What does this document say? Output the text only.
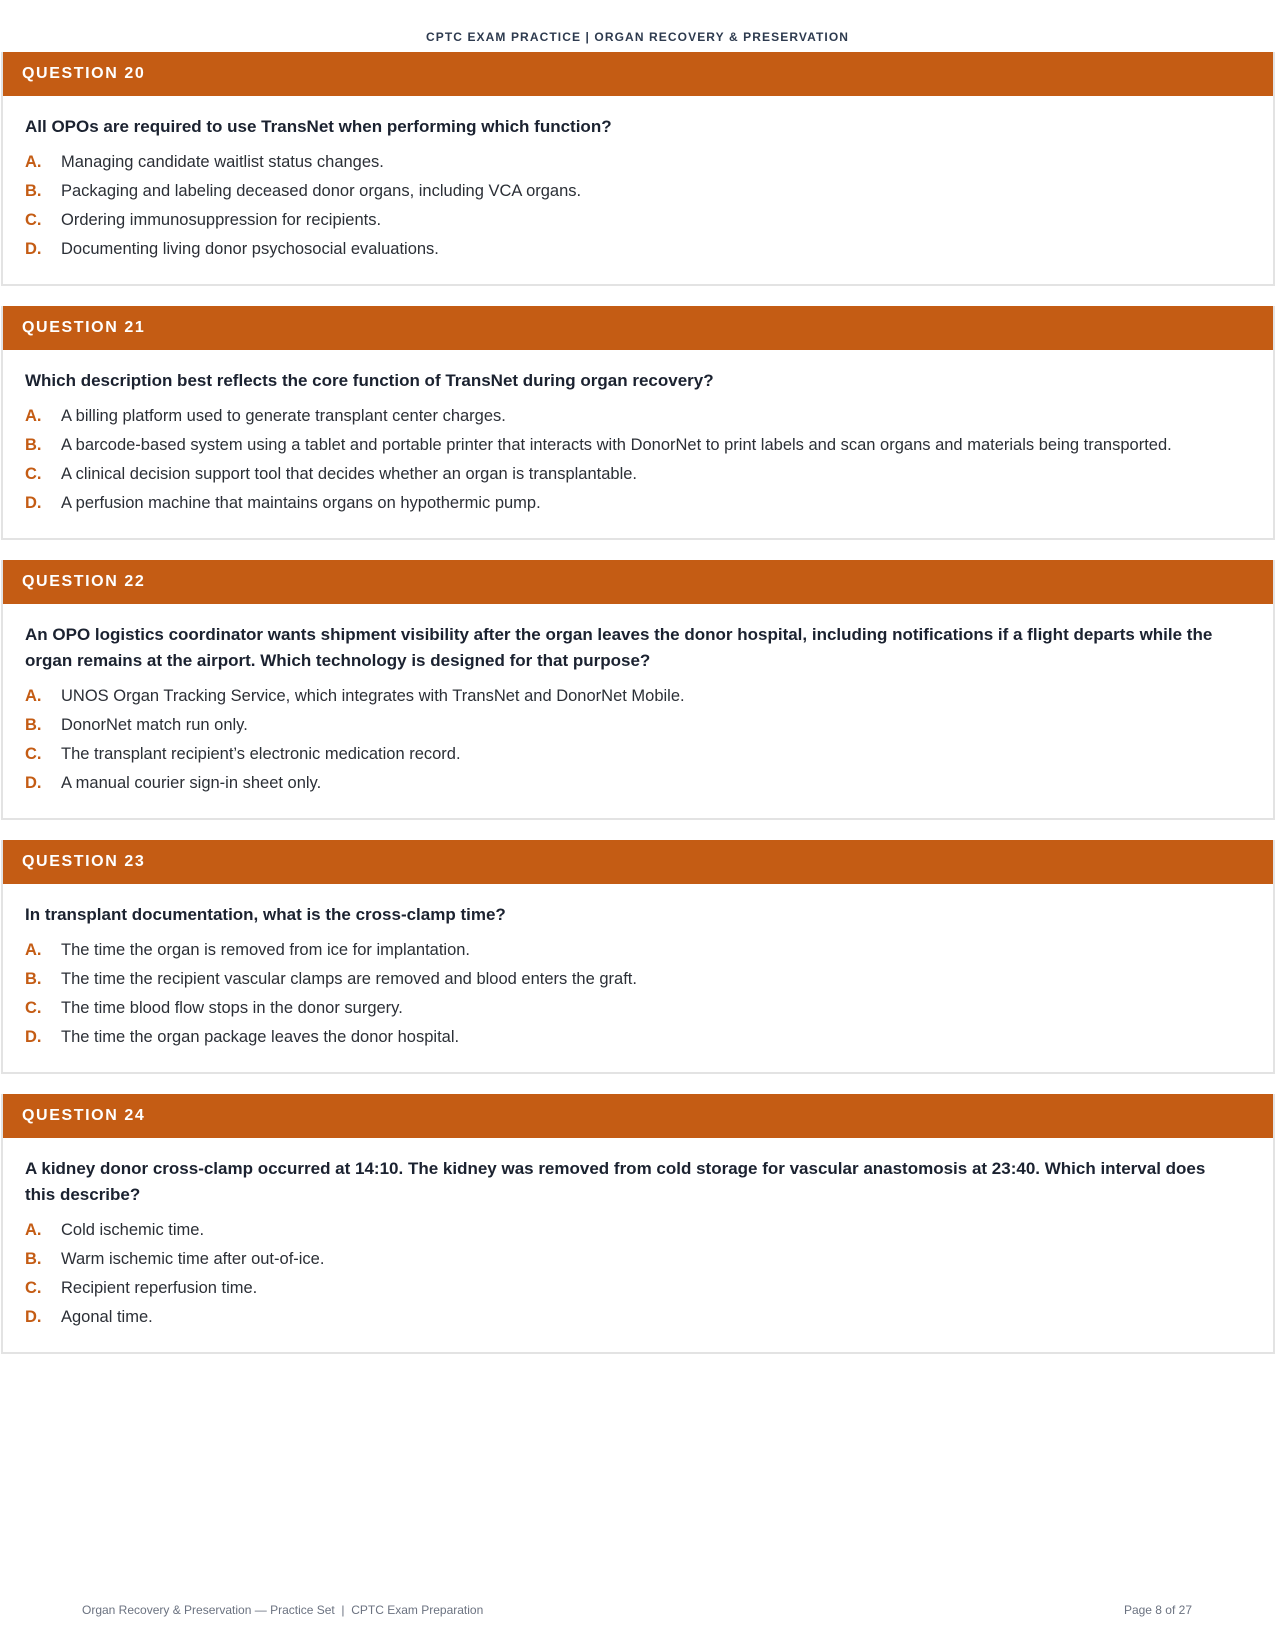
CPTC EXAM PRACTICE | ORGAN RECOVERY & PRESERVATION
QUESTION 20

All OPOs are required to use TransNet when performing which function?

A.	Managing candidate waitlist status changes.
B.	Packaging and labeling deceased donor organs, including VCA organs.
C.	Ordering immunosuppression for recipients.
D.	Documenting living donor psychosocial evaluations.
QUESTION 21

Which description best reflects the core function of TransNet during organ recovery?

A.	A billing platform used to generate transplant center charges.
B.	A barcode-based system using a tablet and portable printer that interacts with DonorNet to print labels and scan organs and materials being transported.
C.	A clinical decision support tool that decides whether an organ is transplantable.
D.	A perfusion machine that maintains organs on hypothermic pump.
QUESTION 22

An OPO logistics coordinator wants shipment visibility after the organ leaves the donor hospital, including notifications if a flight departs while the organ remains at the airport. Which technology is designed for that purpose?

A.	UNOS Organ Tracking Service, which integrates with TransNet and DonorNet Mobile.
B.	DonorNet match run only.
C.	The transplant recipient’s electronic medication record.
D.	A manual courier sign-in sheet only.
QUESTION 23

In transplant documentation, what is the cross-clamp time?

A.	The time the organ is removed from ice for implantation.
B.	The time the recipient vascular clamps are removed and blood enters the graft.
C.	The time blood flow stops in the donor surgery.
D.	The time the organ package leaves the donor hospital.
QUESTION 24

A kidney donor cross-clamp occurred at 14:10. The kidney was removed from cold storage for vascular anastomosis at 23:40. Which interval does this describe?

A.	Cold ischemic time.
B.	Warm ischemic time after out-of-ice.
C.	Recipient reperfusion time.
D.	Agonal time.
Organ Recovery & Preservation — Practice Set  |  CPTC Exam Preparation	Page 8 of 27
